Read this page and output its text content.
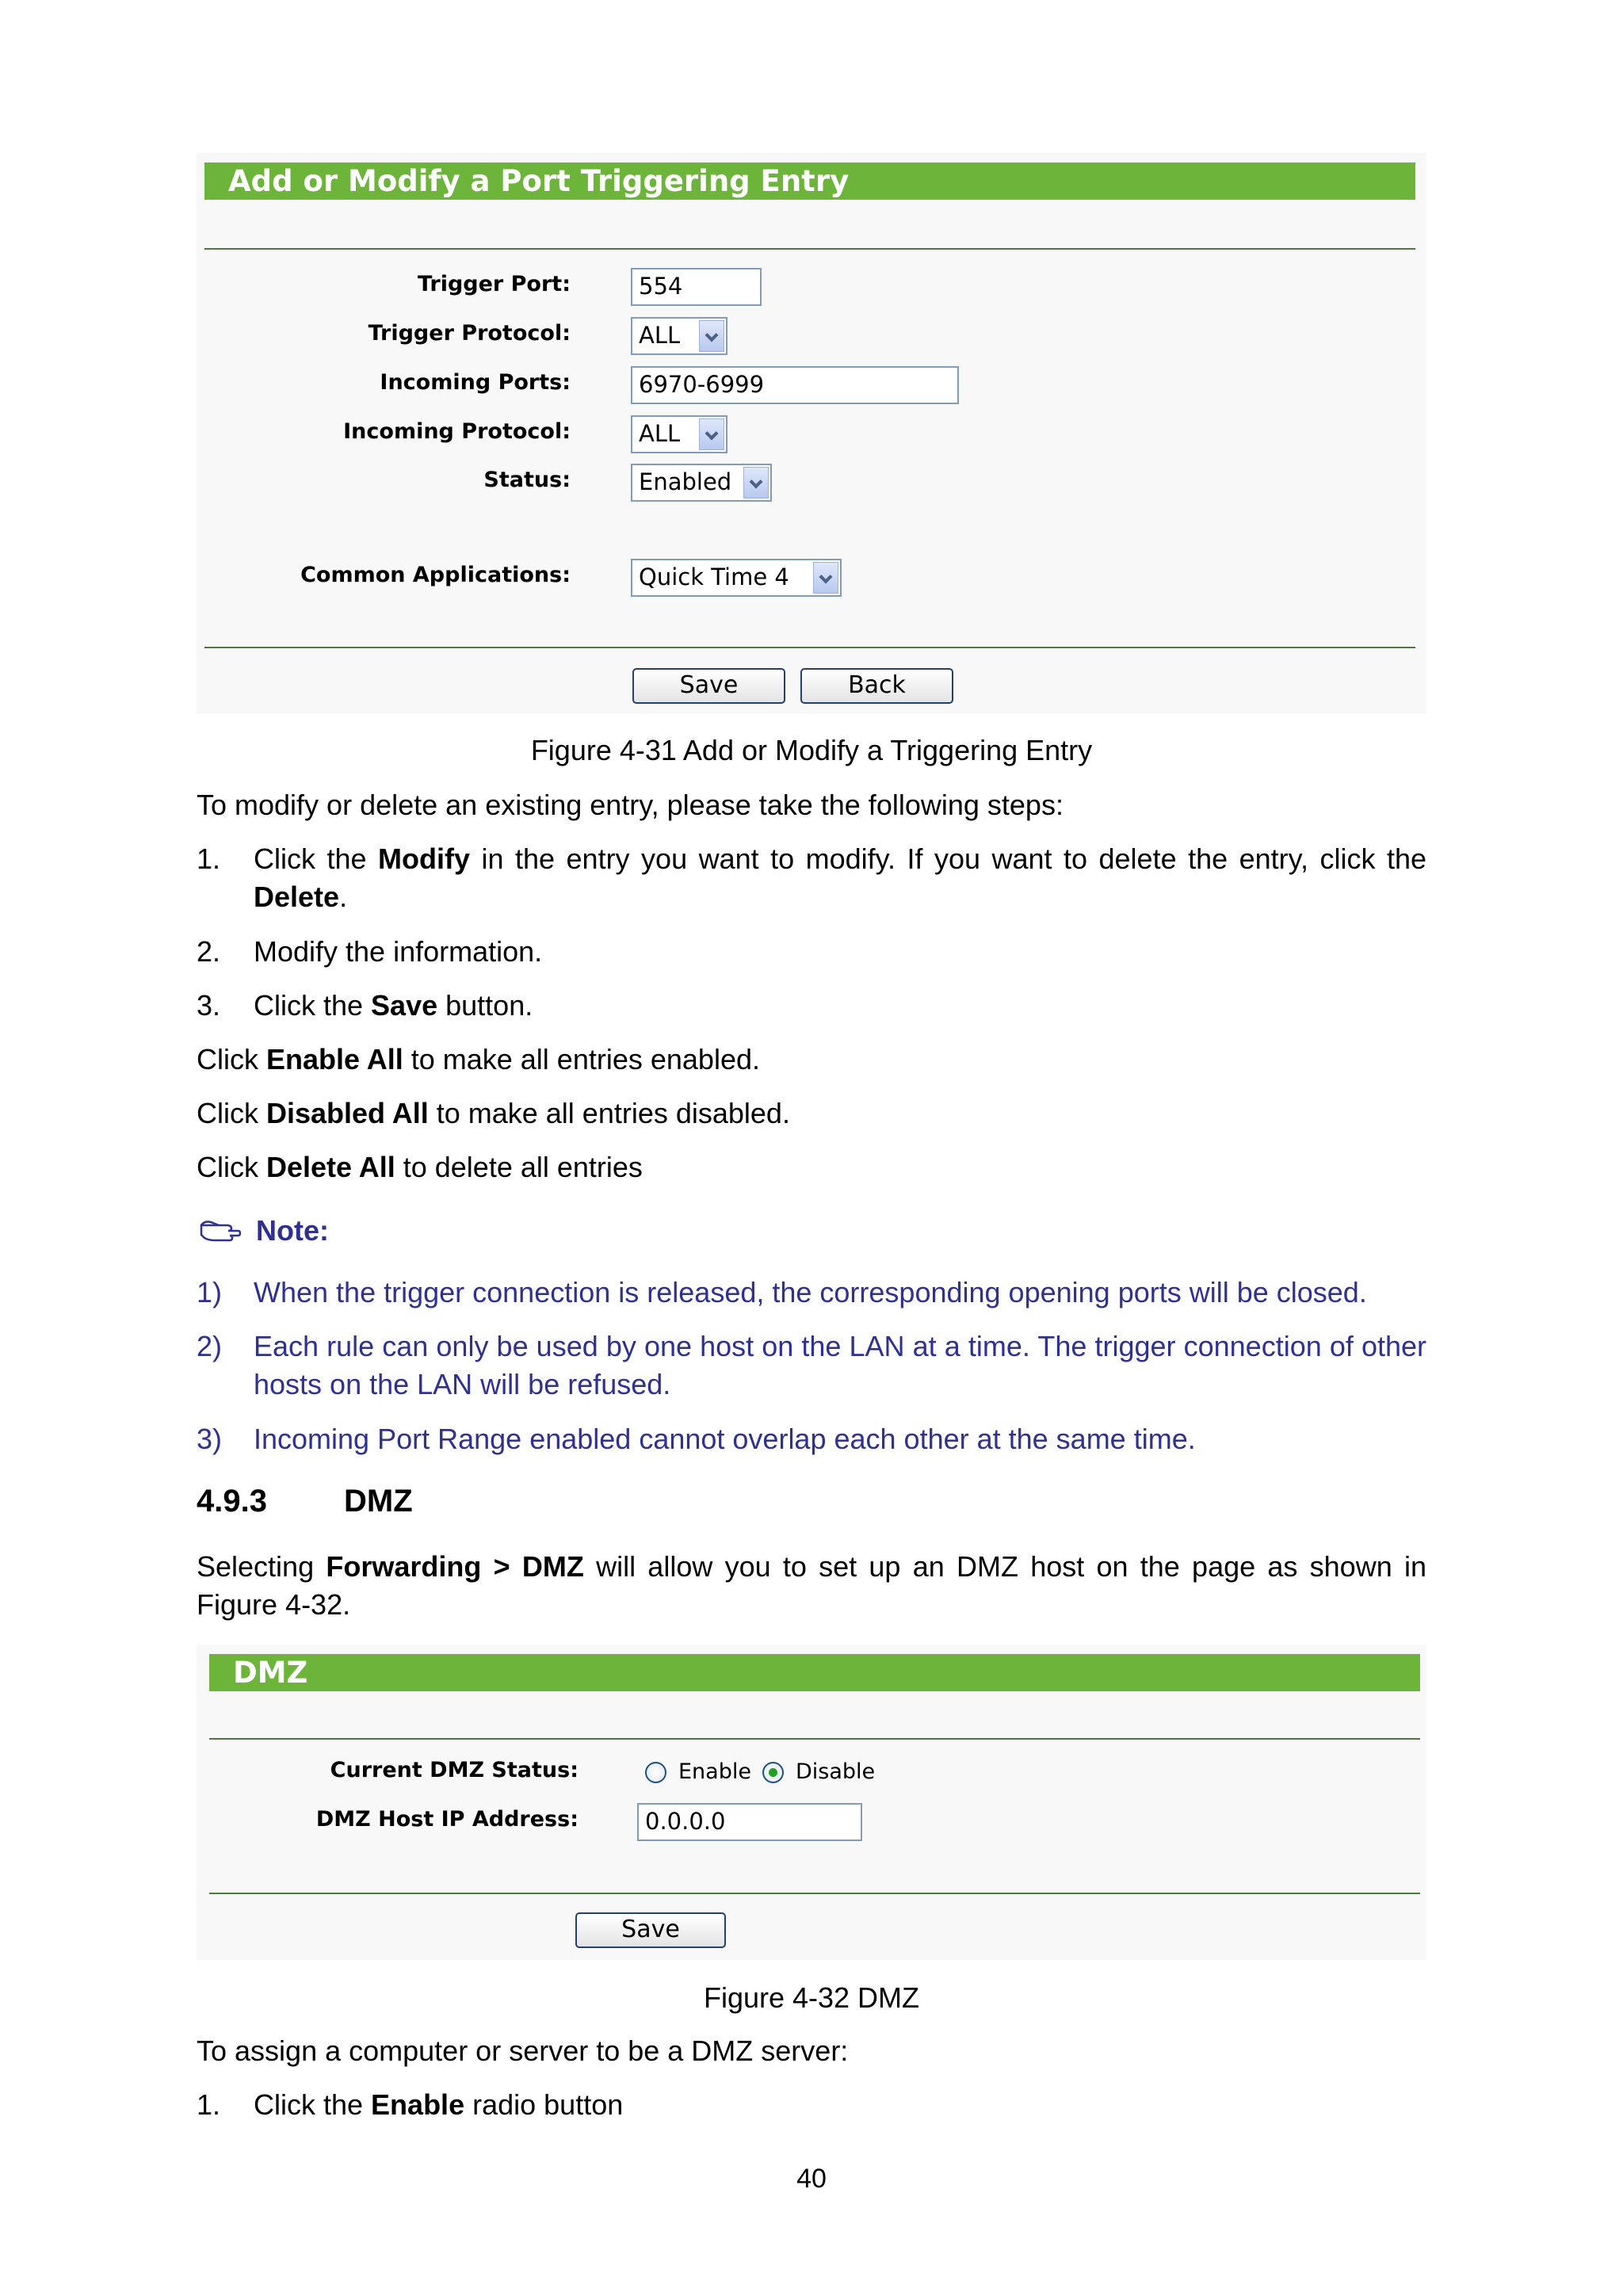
Add or Modify a Port Triggering Entry
Trigger Port:	554
Trigger Protocol:	ALL
Incoming Ports:	6970-6999
Incoming Protocol:	ALL
Status:	Enabled
Common Applications:	Quick Time 4
Save	Back
Figure 4-31 Add or Modify a Triggering Entry
To modify or delete an existing entry, please take the following steps:
1. Click the Modify in the entry you want to modify. If you want to delete the entry, click the
Delete.
2. Modify the information.
3. Click the Save button.
Click Enable All to make all entries enabled.
Click Disabled All to make all entries disabled.
Click Delete All to delete all entries
Note:
1) When the trigger connection is released, the corresponding opening ports will be closed.
2) Each rule can only be used by one host on the LAN at a time. The trigger connection of other
hosts on the LAN will be refused.
3) Incoming Port Range enabled cannot overlap each other at the same time.
4.9.3 DMZ
Selecting Forwarding > DMZ will allow you to set up an DMZ host on the page as shown in
Figure 4-32.
DMZ
Current DMZ Status:	Enable Disable
DMZ Host IP Address:	0.0.0.0
Save
Figure 4-32 DMZ
To assign a computer or server to be a DMZ server:
1. Click the Enable radio button
40
